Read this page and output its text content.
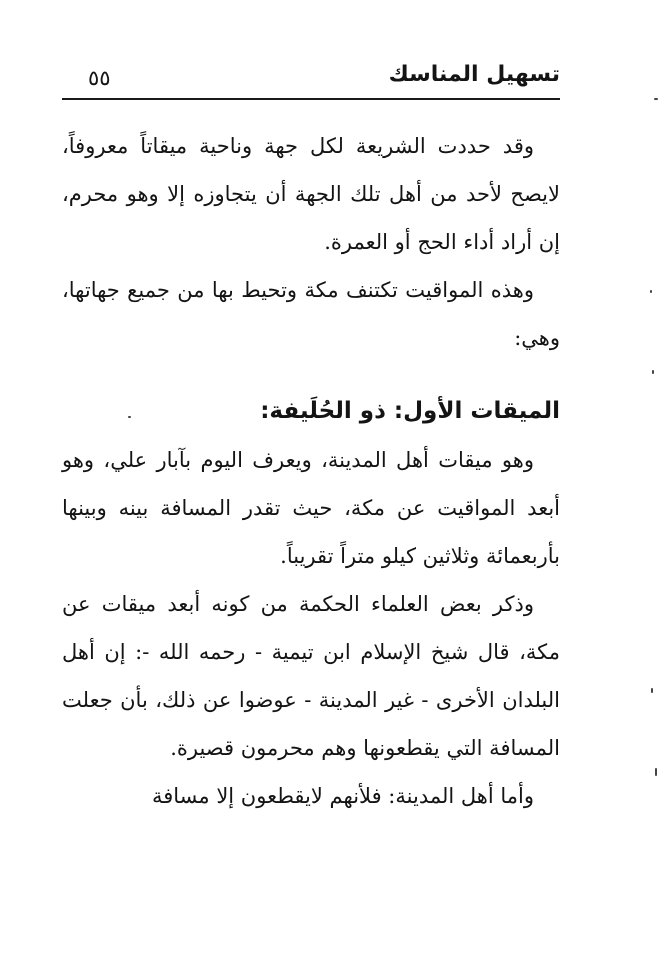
تسهيل المناسك
٥٥

وقد حددت الشريعة لكل جهة وناحية ميقاتاً معروفاً، لايصح لأحد من أهل تلك الجهة أن يتجاوزه إلا وهو محرم، إن أراد أداء الحج أو العمرة.

وهذه المواقيت تكتنف مكة وتحيط بها من جميع جهاتها، وهي:

الميقات الأول: ذو الحُلَيفة:

وهو ميقات أهل المدينة، ويعرف اليوم بآبار علي، وهو أبعد المواقيت عن مكة، حيث تقدر المسافة بينه وبينها بأربعمائة وثلاثين كيلو متراً تقريباً.

وذكر بعض العلماء الحكمة من كونه أبعد ميقات عن مكة، قال شيخ الإسلام ابن تيمية - رحمه الله -: إن أهل البلدان الأخرى - غير المدينة - عوضوا عن ذلك، بأن جعلت المسافة التي يقطعونها وهم محرمون قصيرة.

وأما أهل المدينة: فلأنهم لايقطعون إلا مسافة
